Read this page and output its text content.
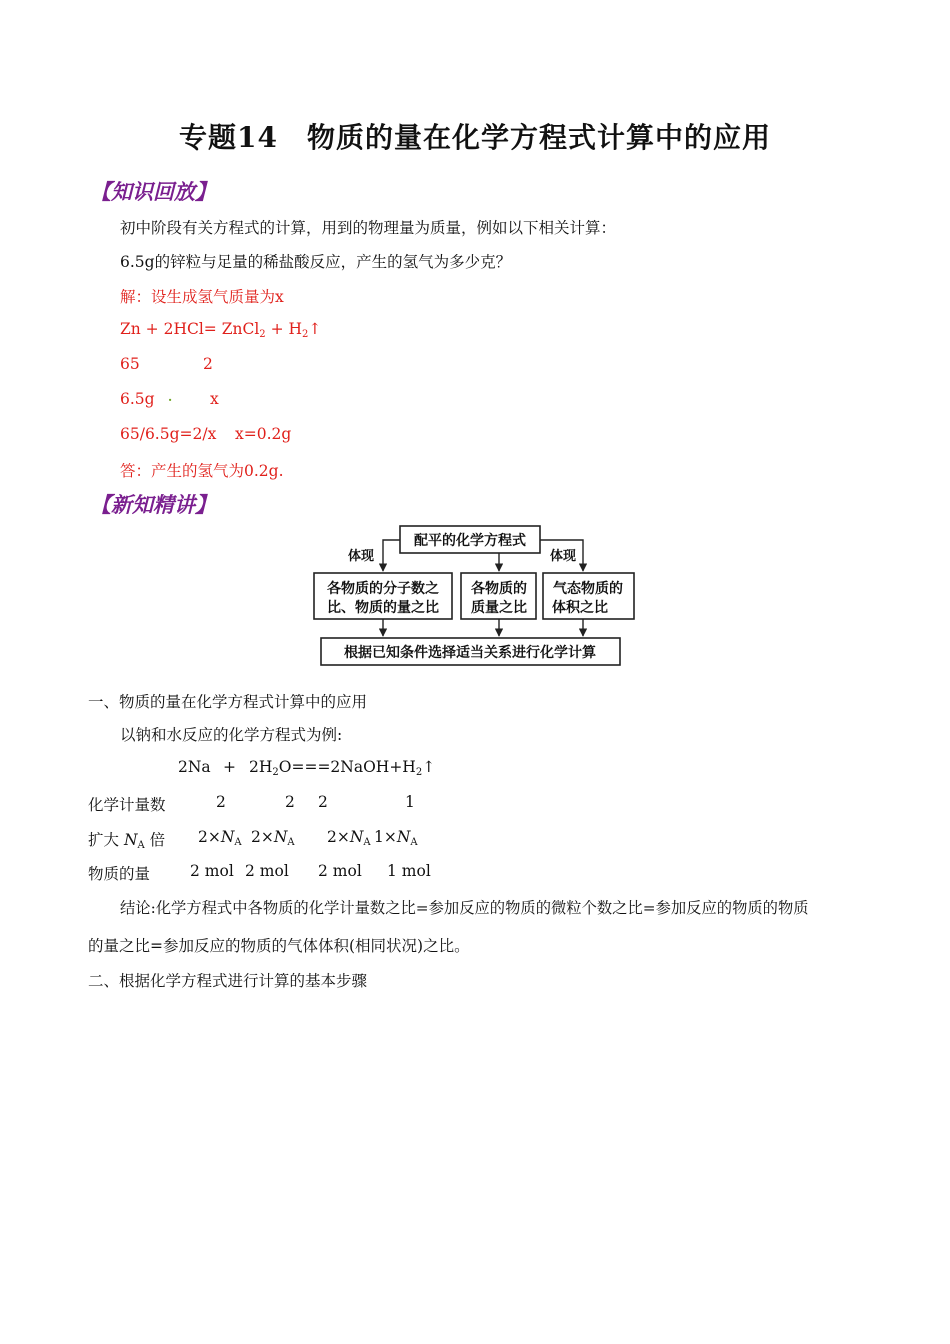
专题14　物质的量在化学方程式计算中的应用
【知识回放】
初中阶段有关方程式的计算，用到的物理量为质量，例如以下相关计算：
6.5g的锌粒与足量的稀盐酸反应，产生的氢气为多少克？
解：设生成氢气质量为x
Zn + 2HCl= ZnCl$_2$ + $H_2↑$
65	2
6.5g . x
65/6.5g=2/x x=0.2g
答：产生的氢气为0.2g.
【新知精讲】
配平的化学方程式
体现	体现
各物质的分子数之
比、物质的量之比
各物质的
质量之比
气态物质的
体积之比
根据已知条件选择适当关系进行化学计算
一、物质的量在化学方程式计算中的应用
以钠和水反应的化学方程式为例:
$2Na + 2H_2O===2NaOH+H_2↑$
化学计量数	2	2 2	1
扩大 $N_A$ 倍 $2\times N_A$ $2\times N_A$ $2\times N_A$ $1\times N_A$
物质的量	2 mol 2 mol 2 mol 1 mol
结论:化学方程式中各物质的化学计量数之比=参加反应的物质的微粒个数之比=参加反应的物质的物质
的量之比=参加反应的物质的气体体积(相同状况)之比。
二、根据化学方程式进行计算的基本步骤
